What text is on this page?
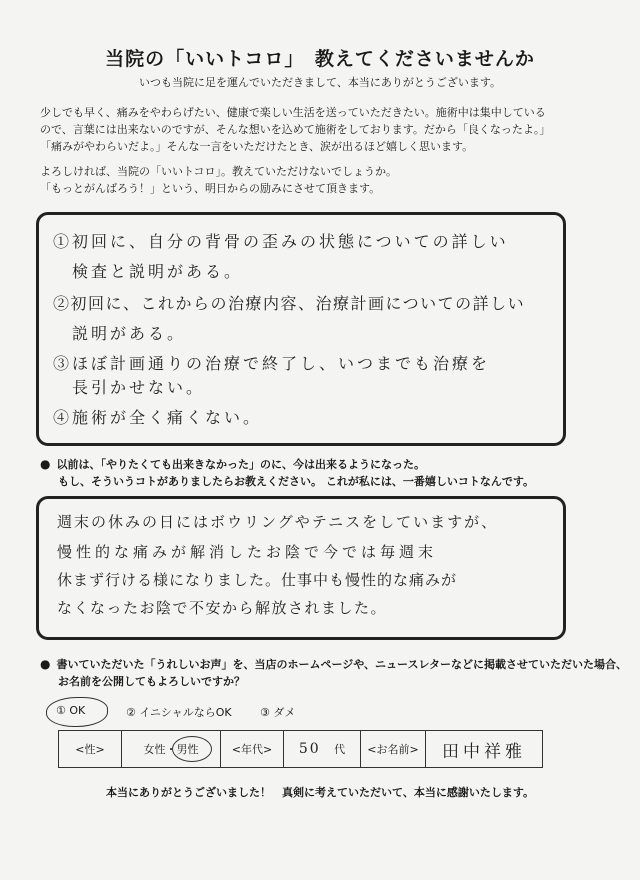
当院の「いいトコロ」　教えてくださいませんか
いつも当院に足を運んでいただきまして、本当にありがとうございます。

少しでも早く、痛みをやわらげたい、健康で楽しい生活を送っていただきたい。施術中は集中している

ので、言葉には出来ないのですが、そんな想いを込めて施術をしております。だから「良くなったよ。」

「痛みがやわらいだよ。」そんな一言をいただけたとき、涙が出るほど嬉しく思います。

よろしければ、当院の「いいトコロ」。教えていただけないでしょうか。

「もっとがんばろう！」という、明日からの励みにさせて頂きます。

①初回に、自分の背骨の歪みの状態についての詳しい
　検査と説明がある。
②初回に、これからの治療内容、治療計画についての詳しい
　説明がある。
③ほぼ計画通りの治療で終了し、いつまでも治療を
　長引かせない。
④施術が全く痛くない。
● 以前は、「やりたくても出来きなかった」のに、今は出来るようになった。
もし、そういうコトがありましたらお教えください。 これが私には、一番嬉しいコトなんです。
週末の休みの日にはボウリングやテニスをしていますが、
慢性的な痛みが解消したお陰で今では毎週末
休まず行ける様になりました。仕事中も慢性的な痛みが
なくなったお陰で不安から解放されました。
● 書いていただいた「うれしいお声」を、当店のホームページや、ニュースレターなどに掲載させていただいた場合、
お名前を公開してもよろしいですか？
① OK	② イニシャルならOK	③ ダメ
<性>	女性・男性	<年代>	50 代	<お名前>	田中祥雅
本当にありがとうございました！　真剣に考えていただいて、本当に感謝いたします。
